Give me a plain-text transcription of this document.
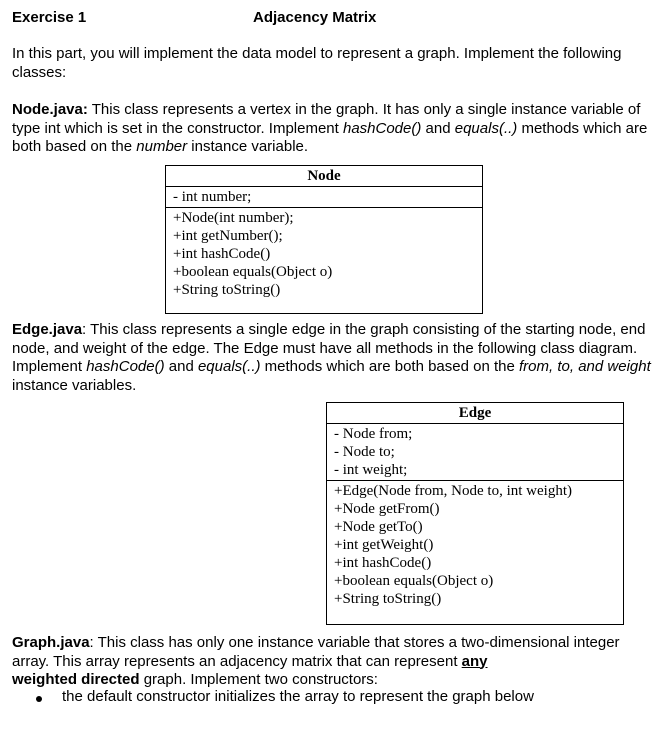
Exercise 1	Adjacency Matrix

In this part, you will implement the data model to represent a graph. Implement the following classes:

Node.java: This class represents a vertex in the graph. It has only a single instance variable of type int which is set in the constructor. Implement hashCode() and equals(..) methods which are both based on the number instance variable.

Node
- int number;
+Node(int number);
+int getNumber();
+int hashCode()
+boolean equals(Object o)
+String toString()

Edge.java: This class represents a single edge in the graph consisting of the starting node, end node, and weight of the edge. The Edge must have all methods in the following class diagram. Implement hashCode() and equals(..) methods which are both based on the from, to, and weight instance variables.

Edge
- Node from;
- Node to;
- int weight;
+Edge(Node from, Node to, int weight)
+Node getFrom()
+Node getTo()
+int getWeight()
+int hashCode()
+boolean equals(Object o)
+String toString()

Graph.java: This class has only one instance variable that stores a two-dimensional integer array. This array represents an adjacency matrix that can represent any
weighted directed graph. Implement two constructors:

the default constructor initializes the array to represent the graph below
